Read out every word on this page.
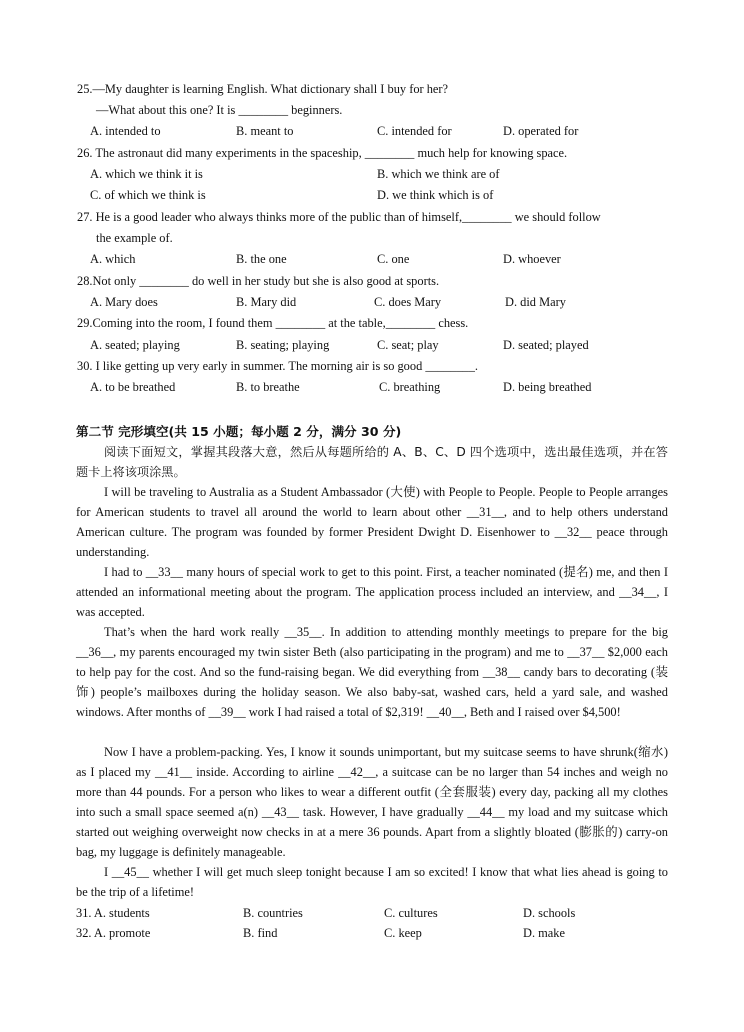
25.—My daughter is learning English. What dictionary shall I buy for her?
—What about this one? It is ________ beginners.
A. intended to	B. meant to	C. intended for	D. operated for
26. The astronaut did many experiments in the spaceship, ________ much help for knowing space.
A. which we think it is	B. which we think are of
C. of which we think is	D. we think which is of
27. He is a good leader who always thinks more of the public than of himself,________ we should follow
the example of.
A. which	B. the one	C. one	D. whoever
28.Not only ________ do well in her study but she is also good at sports.
A. Mary does	B. Mary did	C. does Mary	D. did Mary
29.Coming into the room, I found them ________ at the table,________ chess.
A. seated; playing	B. seating; playing	C. seat; play	D. seated; played
30. I like getting up very early in summer. The morning air is so good ________.
A. to be breathed	B. to breathe	C. breathing	D. being breathed
第二节 完形填空(共 15 小题；每小题 2 分，满分 30 分)
阅读下面短文，掌握其段落大意，然后从每题所给的 A、B、C、D 四个选项中，选出最佳选项，并在答题卡上将该项涂黑。
I will be traveling to Australia as a Student Ambassador (大使) with People to People. People to People arranges for American students to travel all around the world to learn about other __31__, and to help others understand American culture. The program was founded by former President Dwight D. Eisenhower to __32__ peace through understanding.
I had to __33__ many hours of special work to get to this point. First, a teacher nominated (提名) me, and then I attended an informational meeting about the program. The application process included an interview, and __34__, I was accepted.
That’s when the hard work really __35__. In addition to attending monthly meetings to prepare for the big __36__, my parents encouraged my twin sister Beth (also participating in the program) and me to __37__ $2,000 each to help pay for the cost. And so the fund-raising began. We did everything from __38__ candy bars to decorating (装饰) people’s mailboxes during the holiday season. We also baby-sat, washed cars, held a yard sale, and washed windows. After months of __39__ work I had raised a total of $2,319! __40__, Beth and I raised over $4,500!
Now I have a problem-packing. Yes, I know it sounds unimportant, but my suitcase seems to have shrunk(缩水) as I placed my __41__ inside. According to airline __42__, a suitcase can be no larger than 54 inches and weigh no more than 44 pounds. For a person who likes to wear a different outfit (全套服装) every day, packing all my clothes into such a small space seemed a(n) __43__ task. However, I have gradually __44__ my load and my suitcase which started out weighing overweight now checks in at a mere 36 pounds. Apart from a slightly bloated (膨胀的) carry-on bag, my luggage is definitely manageable.
I __45__ whether I will get much sleep tonight because I am so excited! I know that what lies ahead is going to be the trip of a lifetime!
31. A. students	B. countries	C. cultures	D. schools
32. A. promote	B. find	C. keep	D. make
